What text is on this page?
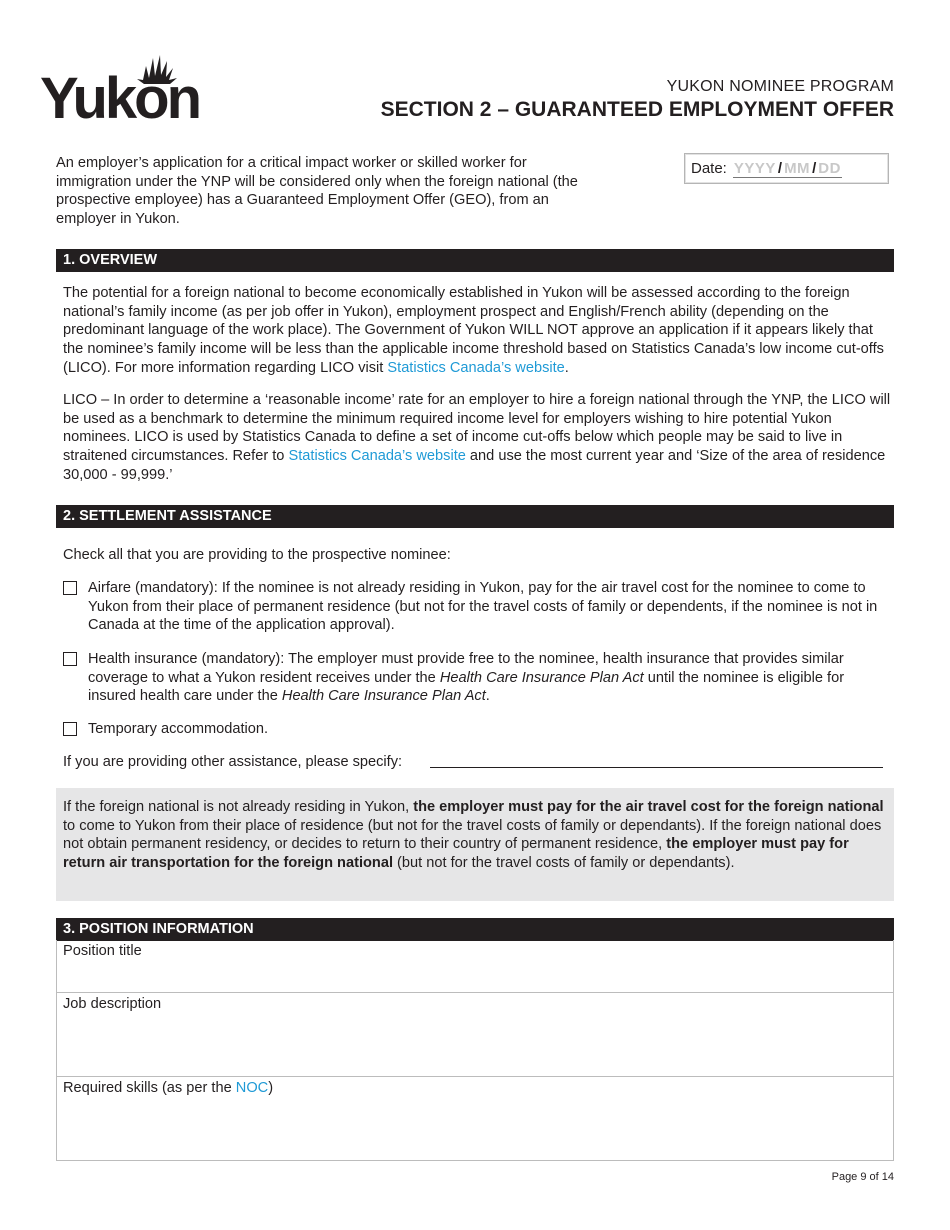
Yukon	YUKON NOMINEE PROGRAM
SECTION 2 – GUARANTEED EMPLOYMENT OFFER
An employer’s application for a critical impact worker or skilled worker for immigration under the YNP will be considered only when the foreign national (the prospective employee) has a Guaranteed Employment Offer (GEO), from an employer in Yukon.
Date: YYYY / MM / DD
1. OVERVIEW
The potential for a foreign national to become economically established in Yukon will be assessed according to the foreign national’s family income (as per job offer in Yukon), employment prospect and English/French ability (depending on the predominant language of the work place). The Government of Yukon WILL NOT approve an application if it appears likely that the nominee’s family income will be less than the applicable income threshold based on Statistics Canada’s low income cut-offs (LICO). For more information regarding LICO visit Statistics Canada’s website.
LICO – In order to determine a ‘reasonable income’ rate for an employer to hire a foreign national through the YNP, the LICO will be used as a benchmark to determine the minimum required income level for employers wishing to hire potential Yukon nominees. LICO is used by Statistics Canada to define a set of income cut-offs below which people may be said to live in straitened circumstances. Refer to Statistics Canada’s website and use the most current year and ‘Size of the area of residence 30,000 - 99,999.’
2. SETTLEMENT ASSISTANCE
Check all that you are providing to the prospective nominee:
Airfare (mandatory): If the nominee is not already residing in Yukon, pay for the air travel cost for the nominee to come to Yukon from their place of permanent residence (but not for the travel costs of family or dependents, if the nominee is not in Canada at the time of the application approval).
Health insurance (mandatory): The employer must provide free to the nominee, health insurance that provides similar coverage to what a Yukon resident receives under the Health Care Insurance Plan Act until the nominee is eligible for insured health care under the Health Care Insurance Plan Act.
Temporary accommodation.
If you are providing other assistance, please specify:
If the foreign national is not already residing in Yukon, the employer must pay for the air travel cost for the foreign national to come to Yukon from their place of residence (but not for the travel costs of family or dependants). If the foreign national does not obtain permanent residency, or decides to return to their country of permanent residence, the employer must pay for return air transportation for the foreign national (but not for the travel costs of family or dependants).
3. POSITION INFORMATION
Position title
Job description
Required skills (as per the NOC)
Page 9 of 14
